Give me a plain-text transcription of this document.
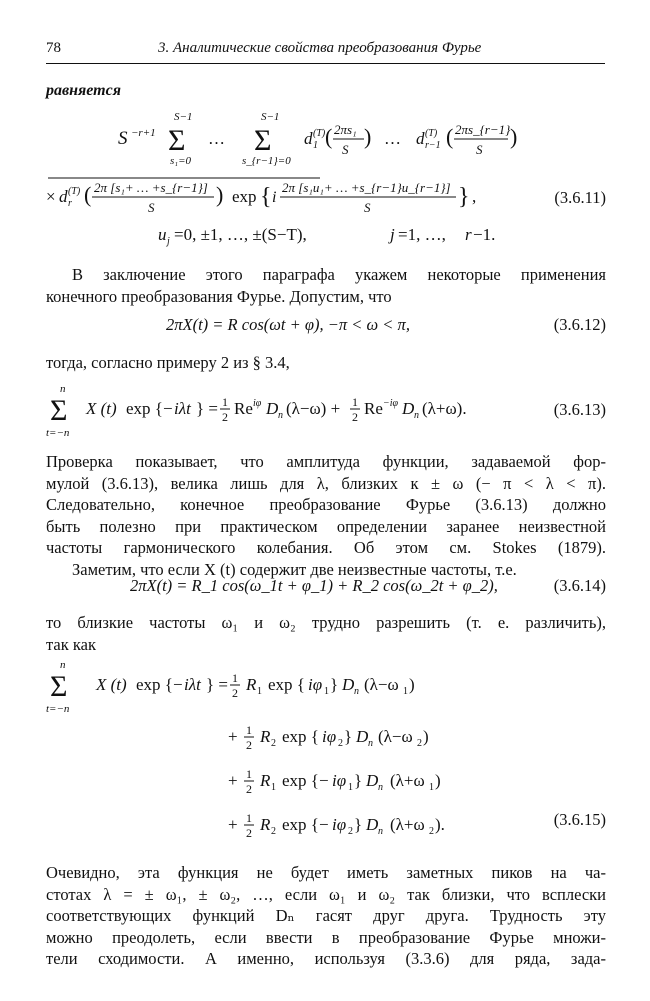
78	3. Аналитические свойства преобразования Фурье
равняется
S −r+1
S−1
Σ
s₁=0
…
S−1
Σ
s_{r−1}=0
d (T)
1 ( 2πs₁
S
) … d (T)
r−1 ( 2πs_{r−1}
S
)
× d (T)
r ( 2π [s₁+ … +s_{r−1}]
S
) exp { i
2π [s₁u₁+ … +s_{r−1}u_{r−1}]
S	} ,	(3.6.11)
u j =0, ±1, …, ±(S−T),	j =1, …, r −1.
В заключение этого параграфа укажем некоторые применения
конечного преобразования Фурье. Допустим, что
2πX(t) = R cos(ωt + φ), −π < ω < π,	(3.6.12)
тогда, согласно примеру 2 из § 3.4,
n
Σ
t=−n
X (t) exp {− iλt } = 1
2 Re iφ D n (λ−ω) + 1
2 Re −iφ D n (λ+ω).	(3.6.13)
Проверка показывает, что амплитуда функции, задаваемой фор-
мулой (3.6.13), велика лишь для λ, близких к ± ω (− π < λ < π).
Следовательно, конечное преобразование Фурье (3.6.13) должно
быть полезно при практическом определении заранее неизвестной
частоты гармонического колебания. Об этом см. Stokes (1879).
Заметим, что если X (t) содержит две неизвестные частоты, т.е.
2πX(t) = R_1 cos(ω_1t + φ_1) + R_2 cos(ω_2t + φ_2),	(3.6.14)
то близкие частоты ω₁ и ω₂ трудно разрешить (т. е. различить),
так как
n
Σ
t=−n
X (t) exp {− iλt } = 1
2 R 1 exp { iφ 1 } D n (λ−ω 1 )
+ 1
2 R 2 exp { iφ 2 } D n (λ−ω 2 )
+ 1
2 R 1 exp {− iφ 1 } D n (λ+ω 1 )
+ 1
2 R 2 exp {− iφ 2 } D n (λ+ω 2 ).	(3.6.15)
Очевидно, эта функция не будет иметь заметных пиков на ча-
стотах λ = ± ω₁, ± ω₂, …, если ω₁ и ω₂ так близки, что всплески
соответствующих функций Dₙ гасят друг друга. Трудность эту
можно преодолеть, если ввести в преобразование Фурье множи-
тели сходимости. А именно, используя (3.3.6) для ряда, зада-
